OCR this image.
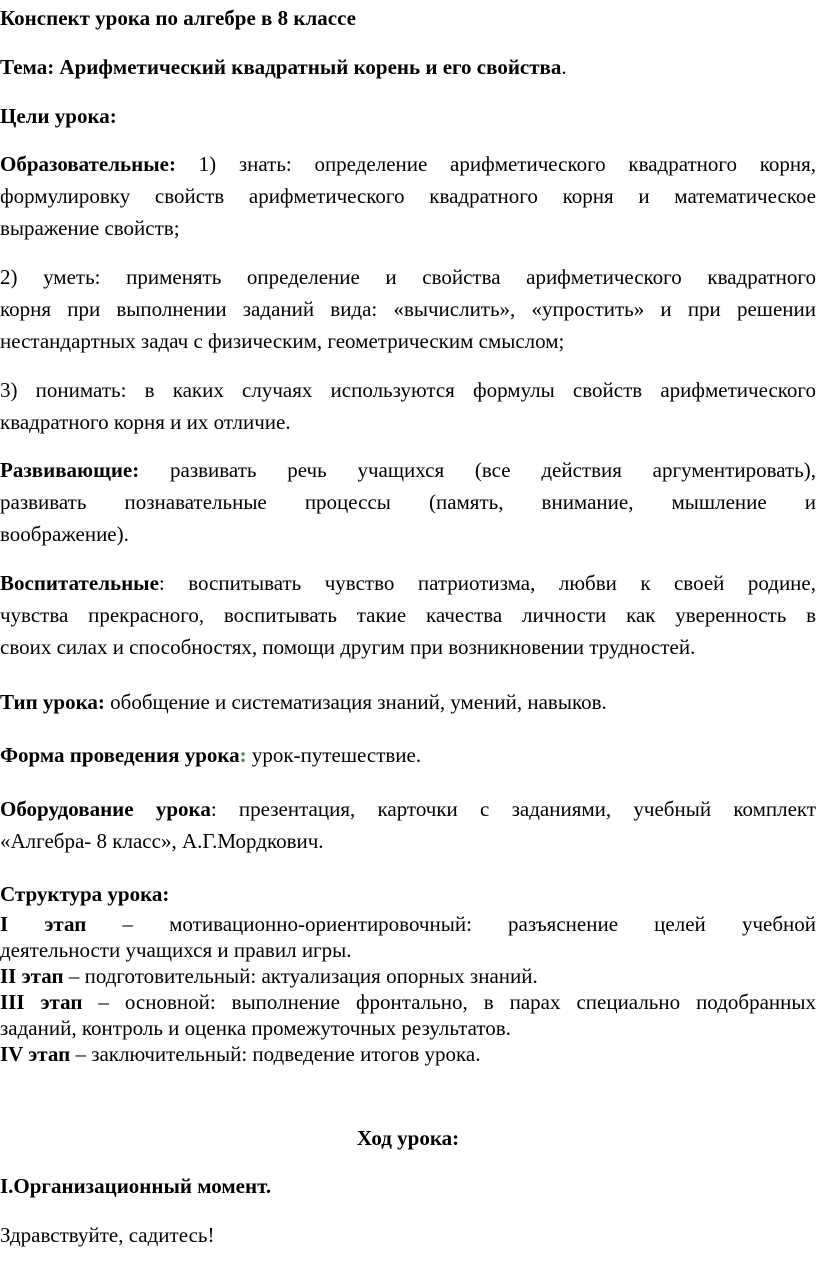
Конспект урока по алгебре в 8 классе

Тема: Арифметический квадратный корень и его свойства.

Цели урока:

Образовательные: 1) знать: определение арифметического квадратного корня,

формулировку свойств арифметического квадратного корня и математическое

выражение свойств;

2) уметь: применять определение и свойства арифметического квадратного

корня при выполнении заданий вида: «вычислить», «упростить» и при решении

нестандартных задач с физическим, геометрическим смыслом;

3) понимать: в каких случаях используются формулы свойств арифметического

квадратного корня и их отличие.

Развивающие: развивать речь учащихся (все действия аргументировать),

развивать познавательные процессы (память, внимание, мышление и

воображение).

Воспитательные: воспитывать чувство патриотизма, любви к своей родине,

чувства прекрасного, воспитывать такие качества личности как уверенность в

своих силах и способностях, помощи другим при возникновении трудностей.

Тип урока: обобщение и систематизация знаний, умений, навыков.

Форма проведения урока: урок-путешествие.

Оборудование урока: презентация, карточки с заданиями, учебный комплект

«Алгебра- 8 класс», А.Г.Мордкович.

Структура урока:

I этап – мотивационно-ориентировочный: разъяснение целей учебной

деятельности учащихся и правил игры.

II этап – подготовительный: актуализация опорных знаний.

III этап – основной: выполнение фронтально, в парах специально подобранных

заданий, контроль и оценка промежуточных результатов.

IV этап – заключительный: подведение итогов урока.

Ход урока:

I.Организационный момент.

Здравствуйте, садитесь!
